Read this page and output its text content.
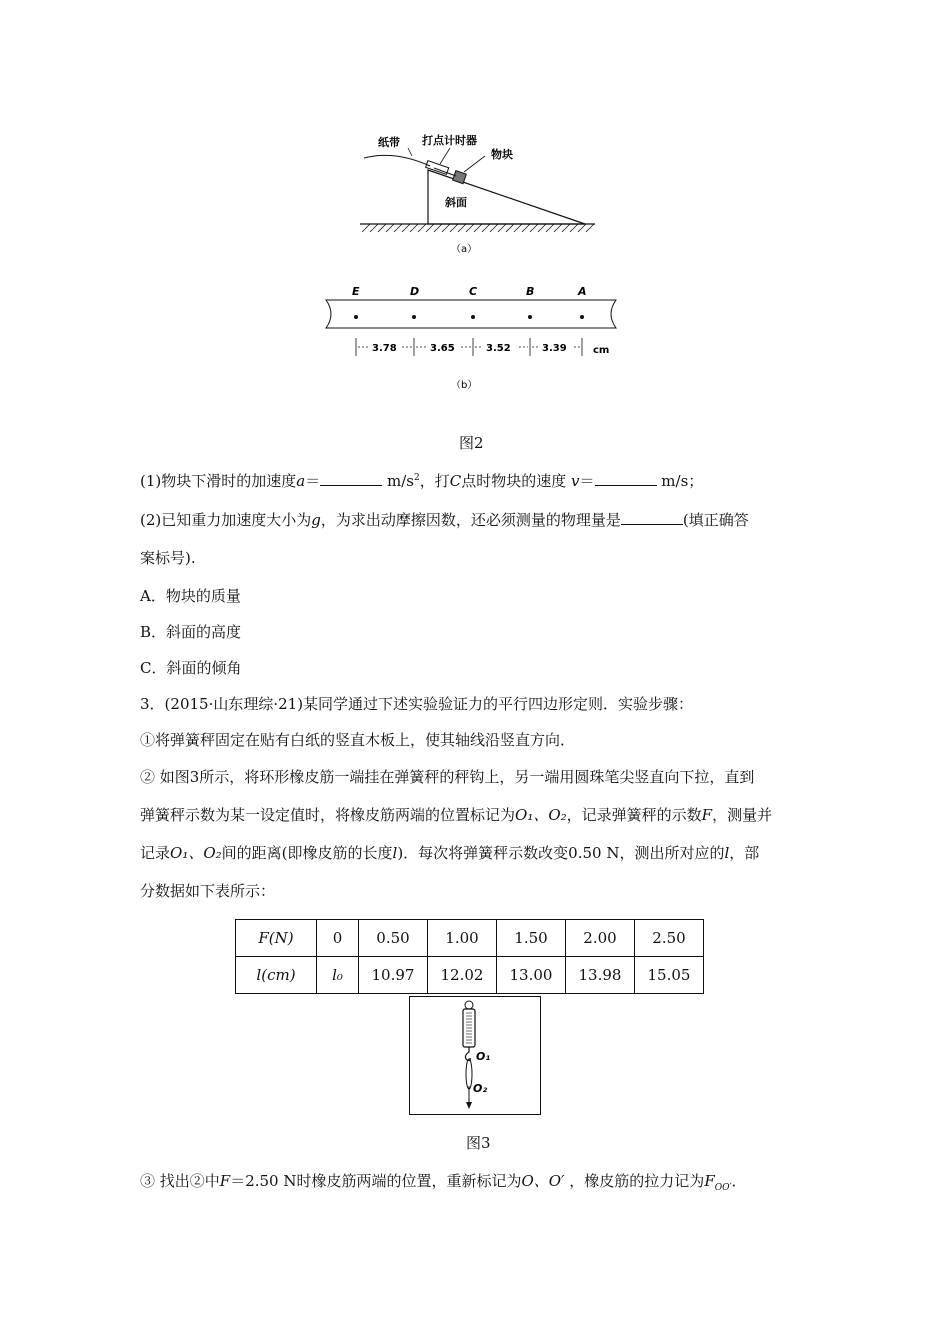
纸带 打点计时器
物块
斜面
（a）
E	D	C	B	A
3.78	3.65	3.52	3.39	cm
（b）
图2
(1)物块下滑时的加速度a＝	$m/s^2$，打C点时物块的速度 v＝	m/s；
(2)已知重力加速度大小为g，为求出动摩擦因数，还必须测量的物理量是	(填正确答
案标号).
A．物块的质量
B．斜面的高度
C．斜面的倾角
3．(2015·山东理综·21)某同学通过下述实验验证力的平行四边形定则．实验步骤：
①将弹簧秤固定在贴有白纸的竖直木板上，使其轴线沿竖直方向．
② 如图3所示，将环形橡皮筋一端挂在弹簧秤的秤钩上，另一端用圆珠笔尖竖直向下拉，直到
弹簧秤示数为某一设定值时，将橡皮筋两端的位置标记为O₁、O₂，记录弹簧秤的示数F，测量并
记录O₁、O₂间的距离(即橡皮筋的长度l)．每次将弹簧秤示数改变0.50 N，测出所对应的l，部
分数据如下表所示：
F(N)	0	0.50	1.00	1.50	2.00	2.50
l(cm)	l₀	10.97	12.02	13.00	13.98	15.05
O₁
O₂
图3
③ 找出②中F＝2.50 N时橡皮筋两端的位置，重新标记为O、O′ ，橡皮筋的拉力记为$F_{OO'}$．
